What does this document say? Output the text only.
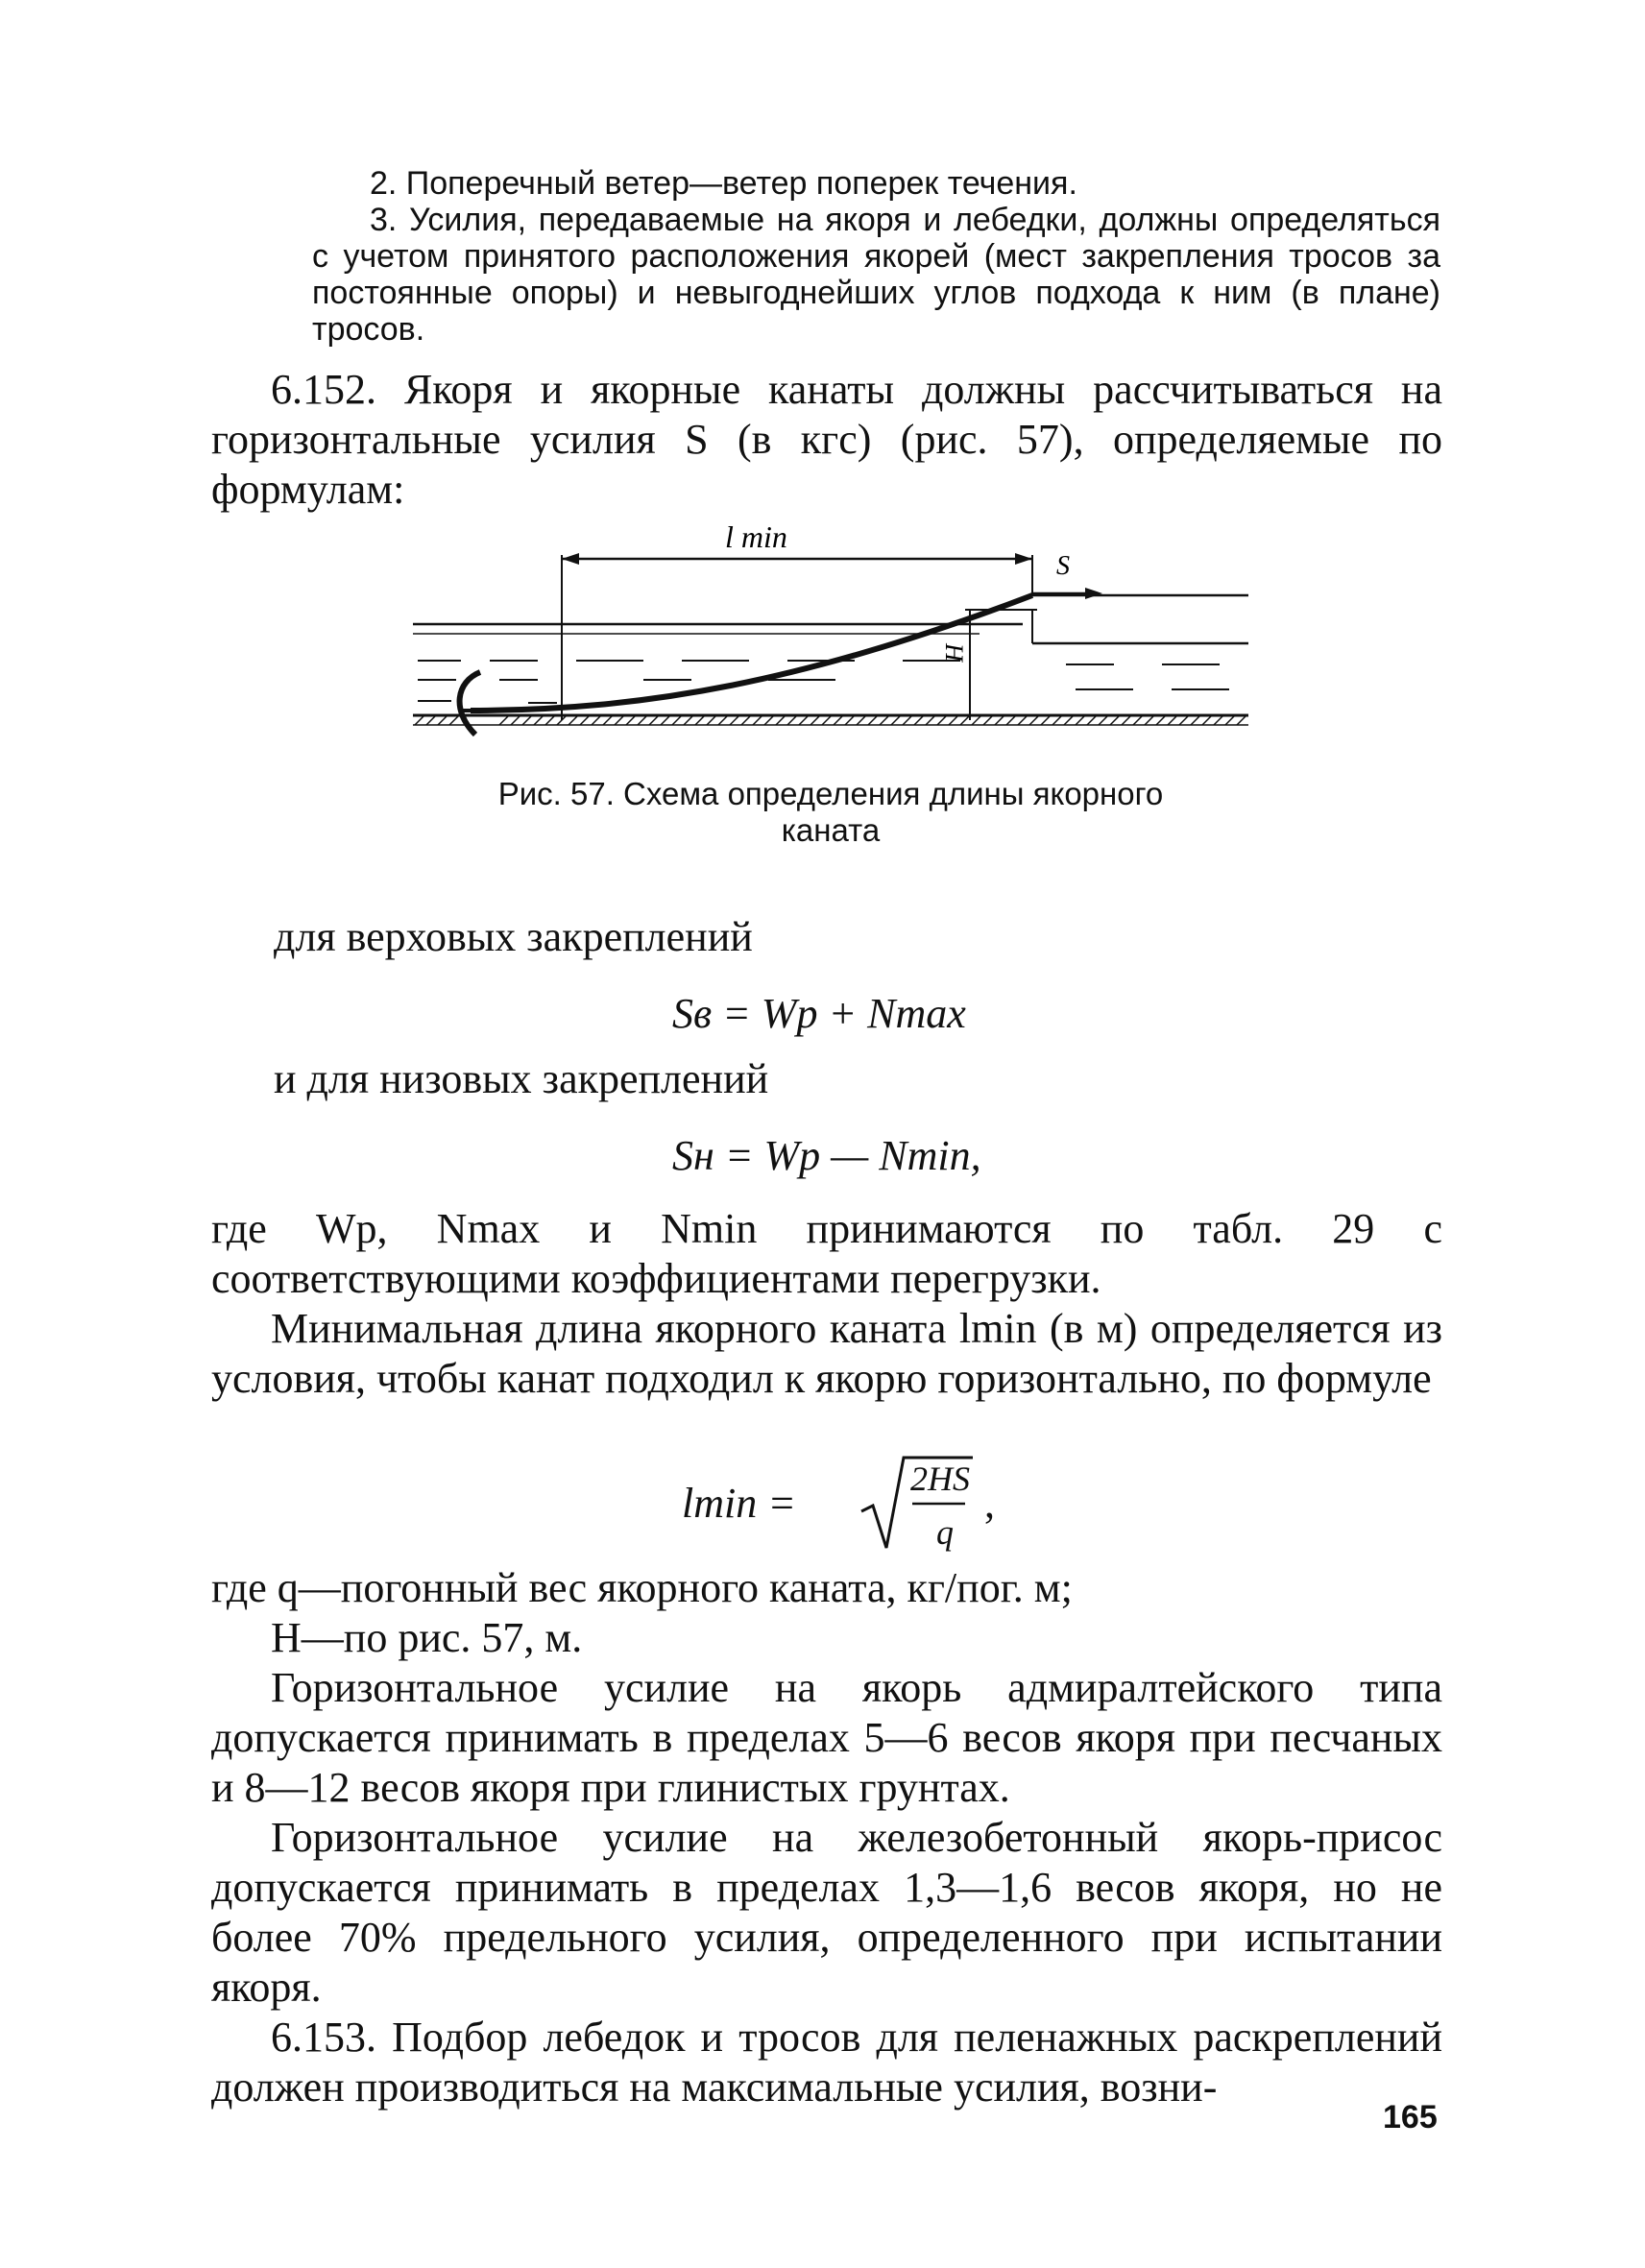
2. Поперечный ветер—ветер поперек течения.

3. Усилия, передаваемые на якоря и лебедки, должны определяться с учетом принятого расположения якорей (мест закрепления тросов за постоянные опоры) и невыгоднейших углов подхода к ним (в плане) тросов.

6.152. Якоря и якорные канаты должны рассчитываться на горизонтальные усилия S (в кгс) (рис. 57), определяемые по формулам:

l min
S
H
Рис. 57. Схема определения длины якорного
каната

для верховых закреплений

Sв = Wр + Nmax

и для низовых закреплений

Sн = Wр — Nmin,

где Wр, Nmax и Nmin принимаются по табл. 29 с соответствующими коэффициентами перегрузки.

Минимальная длина якорного каната lmin (в м) определяется из условия, чтобы канат подходил к якорю горизонтально, по формуле

lmin =
2HS
q
,

где q—погонный вес якорного каната, кг/пог. м;

H—по рис. 57, м.

Горизонтальное усилие на якорь адмиралтейского типа допускается принимать в пределах 5—6 весов якоря при песчаных и 8—12 весов якоря при глинистых грунтах.

Горизонтальное усилие на железобетонный якорь-присос допускается принимать в пределах 1,3—1,6 весов якоря, но не более 70% предельного усилия, определенного при испытании якоря.

6.153. Подбор лебедок и тросов для пеленажных раскреплений должен производиться на максимальные усилия, возни-

165
